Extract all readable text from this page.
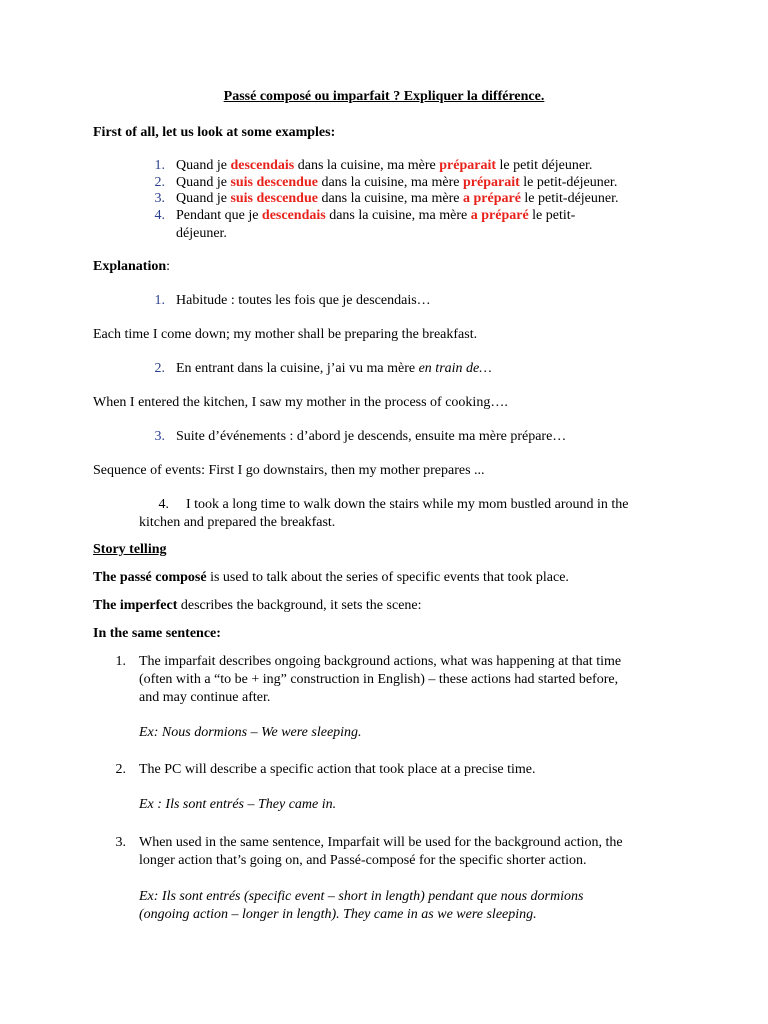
Passé composé ou imparfait ? Expliquer la différence.
First of all, let us look at some examples:
1. Quand je descendais dans la cuisine, ma mère préparait le petit déjeuner.
2. Quand je suis descendue dans la cuisine, ma mère préparait le petit-déjeuner.
3. Quand je suis descendue dans la cuisine, ma mère a préparé le petit-déjeuner.
4. Pendant que je descendais dans la cuisine, ma mère a préparé le petit-
déjeuner.
Explanation:
1. Habitude : toutes les fois que je descendais…
Each time I come down; my mother shall be preparing the breakfast.
2. En entrant dans la cuisine, j’ai vu ma mère en train de…
When I entered the kitchen, I saw my mother in the process of cooking….
3. Suite d’événements : d’abord je descends, ensuite ma mère prépare…
Sequence of events: First I go downstairs, then my mother prepares ...
4. I took a long time to walk down the stairs while my mom bustled around in the
kitchen and prepared the breakfast.
Story telling
The passé composé is used to talk about the series of specific events that took place.
The imperfect describes the background, it sets the scene:
In the same sentence:
1. The imparfait describes ongoing background actions, what was happening at that time
(often with a “to be + ing” construction in English) – these actions had started before,
and may continue after.
Ex: Nous dormions – We were sleeping.
2. The PC will describe a specific action that took place at a precise time.
Ex : Ils sont entrés – They came in.
3. When used in the same sentence, Imparfait will be used for the background action, the
longer action that’s going on, and Passé-composé for the specific shorter action.
Ex: Ils sont entrés (specific event – short in length) pendant que nous dormions
(ongoing action – longer in length). They came in as we were sleeping.
